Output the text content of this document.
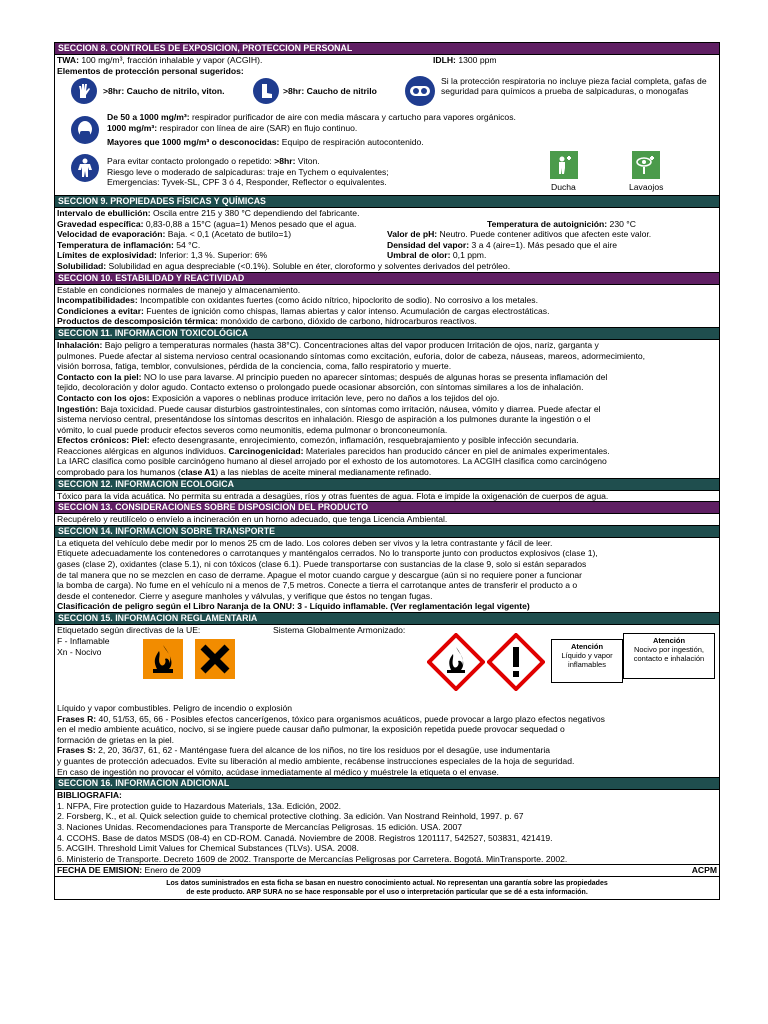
SECCION 8. CONTROLES DE EXPOSICION, PROTECCION PERSONAL
TWA: 100 mg/m³, fracción inhalable y vapor (ACGIH).	IDLH: 1300 ppm
Elementos de protección personal sugeridos:
>8hr: Caucho de nitrilo, viton.	>8hr: Caucho de nitrilo
Si la protección respiratoria no incluye pieza facial completa, gafas de seguridad para químicos a prueba de salpicaduras, o monogafas
De 50 a 1000 mg/m³: respirador purificador de aire con media máscara y cartucho para vapores orgánicos.
1000 mg/m³: respirador con línea de aire (SAR) en flujo continuo.
Mayores que 1000 mg/m³ o desconocidas: Equipo de respiración autocontenido.
Para evitar contacto prolongado o repetido: >8hr: Viton.
Riesgo leve o moderado de salpicaduras: traje en Tychem o equivalentes;
Emergencias: Tyvek-SL, CPF 3 ó 4, Responder, Reflector o equivalentes.	Ducha	Lavaojos
SECCION 9. PROPIEDADES FÍSICAS Y QUÍMICAS
Intervalo de ebullición: Oscila entre 215 y 380 °C dependiendo del fabricante.
Gravedad específica: 0,83-0,88 a 15°C (agua=1) Menos pesado que el agua.	Temperatura de autoignición: 230 °C
Velocidad de evaporación: Baja. < 0,1 (Acetato de butilo=1)	Valor de pH: Neutro. Puede contener aditivos que afecten este valor.
Temperatura de inflamación: 54 °C.	Densidad del vapor: 3 a 4 (aire=1). Más pesado que el aire
Límites de explosividad: Inferior: 1,3 %. Superior: 6%	Umbral de olor: 0,1 ppm.
Solubilidad: Solubilidad en agua despreciable (<0.1%). Soluble en éter, cloroformo y solventes derivados del petróleo.
SECCION 10. ESTABILIDAD Y REACTIVIDAD
Estable en condiciones normales de manejo y almacenamiento.
Incompatibilidades: Incompatible con oxidantes fuertes (como ácido nítrico, hipoclorito de sodio). No corrosivo a los metales.
Condiciones a evitar: Fuentes de ignición como chispas, llamas abiertas y calor intenso. Acumulación de cargas electrostáticas.
Productos de descomposición térmica: monóxido de carbono, dióxido de carbono, hidrocarburos reactivos.
SECCION 11. INFORMACION TOXICOLÓGICA
Inhalación: Bajo peligro a temperaturas normales (hasta 38°C). Concentraciones altas del vapor producen Irritación de ojos, nariz, garganta y
pulmones. Puede afectar al sistema nervioso central ocasionando síntomas como excitación, euforia, dolor de cabeza, náuseas, mareos, adormecimiento,
visión borrosa, fatiga, temblor, convulsiones, pérdida de la conciencia, coma, fallo respiratorio y muerte.
Contacto con la piel: NO lo use para lavarse. Al principio pueden no aparecer síntomas; después de algunas horas se presenta inflamación del
tejido, decoloración y dolor agudo. Contacto extenso o prolongado puede ocasionar absorción, con síntomas similares a los de inhalación.
Contacto con los ojos: Exposición a vapores o neblinas produce irritación leve, pero no daños a los tejidos del ojo.
Ingestión: Baja toxicidad. Puede causar disturbios gastrointestinales, con síntomas como irritación, náusea, vómito y diarrea. Puede afectar el
sistema nervioso central, presentándose los síntomas descritos en inhalación. Riesgo de aspiración a los pulmones durante la ingestión o el
vómito, lo cual puede producir efectos severos como neumonitis, edema pulmonar o bronconeumonía.
Efectos crónicos: Piel: efecto desengrasante, enrojecimiento, comezón, inflamación, resquebrajamiento y posible infección secundaria.
Reacciones alérgicas en algunos individuos. Carcinogenicidad: Materiales parecidos han producido cáncer en piel de animales experimentales.
La IARC clasifica como posible carcinógeno humano al diesel arrojado por el exhosto de los automotores. La ACGIH clasifica como carcinógeno
comprobado para los humanos (clase A1) a las nieblas de aceite mineral medianamente refinado.
SECCION 12. INFORMACION ECOLOGICA
Tóxico para la vida acuática. No permita su entrada a desagües, ríos y otras fuentes de agua. Flota e impide la oxigenación de cuerpos de agua.
SECCION 13. CONSIDERACIONES SOBRE DISPOSICION DEL PRODUCTO
Recupérelo y reutilícelo o envíelo a incineración en un horno adecuado, que tenga Licencia Ambiental.
SECCION 14. INFORMACION SOBRE TRANSPORTE
La etiqueta del vehículo debe medir por lo menos 25 cm de lado. Los colores deben ser vivos y la letra contrastante y fácil de leer.
Etiquete adecuadamente los contenedores o carrotanques y manténgalos cerrados. No lo transporte junto con productos explosivos (clase 1),
gases (clase 2), oxidantes (clase 5.1), ni con tóxicos (clase 6.1). Puede transportarse con sustancias de la clase 9, solo si están separados
de tal manera que no se mezclen en caso de derrame. Apague el motor cuando cargue y descargue (aún si no requiere poner a funcionar
la bomba de carga). No fume en el vehículo ni a menos de 7,5 metros. Conecte a tierra el carrotanque antes de transferir el producto a o
desde el contenedor. Cierre y asegure manholes y válvulas, y verifique que éstos no tengan fugas.
Clasificación de peligro según el Libro Naranja de la ONU: 3 - Líquido inflamable. (Ver reglamentación legal vigente)
SECCION 15. INFORMACION REGLAMENTARIA
Etiquetado según directivas de la UE:	Sistema Globalmente Armonizado:
F - Inflamable
Xn - Nocivo
Atención
Líquido y vapor inflamables
Atención
Nocivo por ingestión, contacto e inhalación
Líquido y vapor combustibles. Peligro de incendio o explosión
Frases R: 40, 51/53, 65, 66 - Posibles efectos cancerígenos, tóxico para organismos acuáticos, puede provocar a largo plazo efectos negativos
en el medio ambiente acuático, nocivo, si se ingiere puede causar daño pulmonar, la exposición repetida puede provocar sequedad o
formación de grietas en la piel.
Frases S: 2, 20, 36/37, 61, 62 - Manténgase fuera del alcance de los niños, no tire los residuos por el desagüe, use indumentaria
y guantes de protección adecuados. Evite su liberación al medio ambiente, recábense instrucciones especiales de la hoja de seguridad.
En caso de ingestión no provocar el vómito, acúdase inmediatamente al médico y muéstrele la etiqueta o el envase.
SECCION 16. INFORMACION ADICIONAL
BIBLIOGRAFIA:
1. NFPA, Fire protection guide to Hazardous Materials, 13a. Edición, 2002.
2. Forsberg, K., et al. Quick selection guide to chemical protective clothing. 3a edición. Van Nostrand Reinhold, 1997. p. 67
3. Naciones Unidas. Recomendaciones para Transporte de Mercancías Peligrosas. 15 edición. USA. 2007
4. CCOHS. Base de datos MSDS (08-4) en CD-ROM. Canadá. Noviembre de 2008. Registros 1201117, 542527, 503831, 421419.
5. ACGIH. Threshold Limit Values for Chemical Substances (TLVs). USA. 2008.
6. Ministerio de Transporte. Decreto 1609 de 2002. Transporte de Mercancías Peligrosas por Carretera. Bogotá. MinTransporte. 2002.
FECHA DE EMISION: Enero de 2009	ACPM
Los datos suministrados en esta ficha se basan en nuestro conocimiento actual. No representan una garantía sobre las propiedades
de este producto. ARP SURA no se hace responsable por el uso o interpretación particular que se dé a esta información.
